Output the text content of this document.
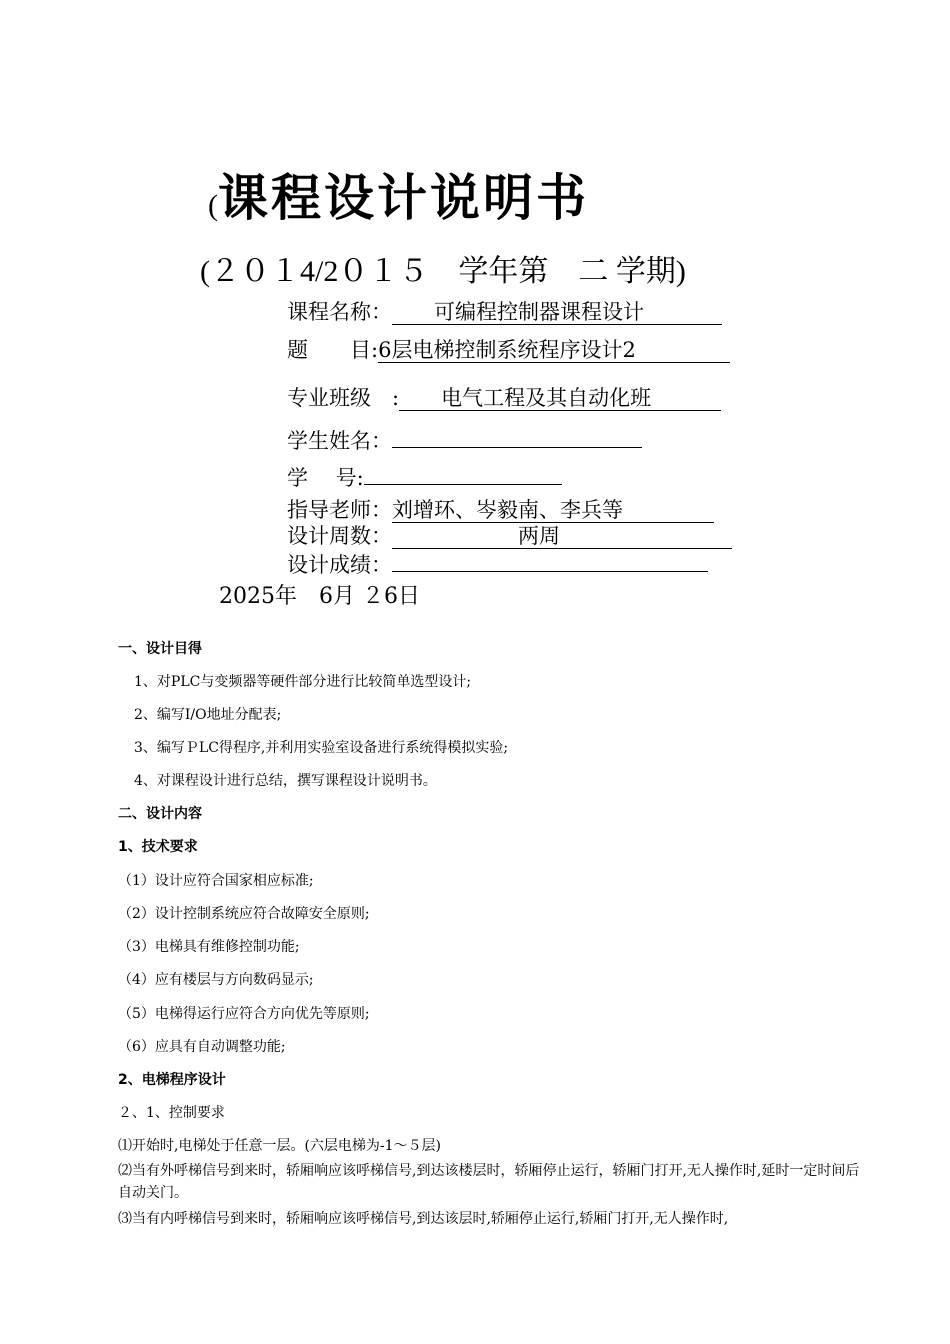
(课程设计说明书
(２０１4/2０１５　学年第　二 学期)
课程名称：　　可编程控制器课程设计　　
题　　目:6层电梯控制系统程序设计2　　
专业班级　:　　电气工程及其自动化班　　
学生姓名：
学　 号:
指导老师：刘增环、岑毅南、李兵等　　
设计周数：　　　　　　两周
设计成绩：
2025年　6月 ２6日
一、设计目得
1、对PLC与变频器等硬件部分进行比较简单选型设计;
2、编写I/O地址分配表;
3、编写ＰLC得程序,并利用实验室设备进行系统得模拟实验;
4、对课程设计进行总结，撰写课程设计说明书。
二、设计内容
1、技术要求
（1）设计应符合国家相应标准;
（2）设计控制系统应符合故障安全原则;
（3）电梯具有维修控制功能;
（4）应有楼层与方向数码显示;
（5）电梯得运行应符合方向优先等原则;
（6）应具有自动调整功能;
2、电梯程序设计
２、1、控制要求
⑴开始时,电梯处于任意一层。(六层电梯为-1～５层)
⑵当有外呼梯信号到来时，轿厢响应该呼梯信号,到达该楼层时，轿厢停止运行，轿厢门打开,无人操作时,延时一定时间后自动关门。
⑶当有内呼梯信号到来时，轿厢响应该呼梯信号,到达该层时,轿厢停止运行,轿厢门打开,无人操作时,
